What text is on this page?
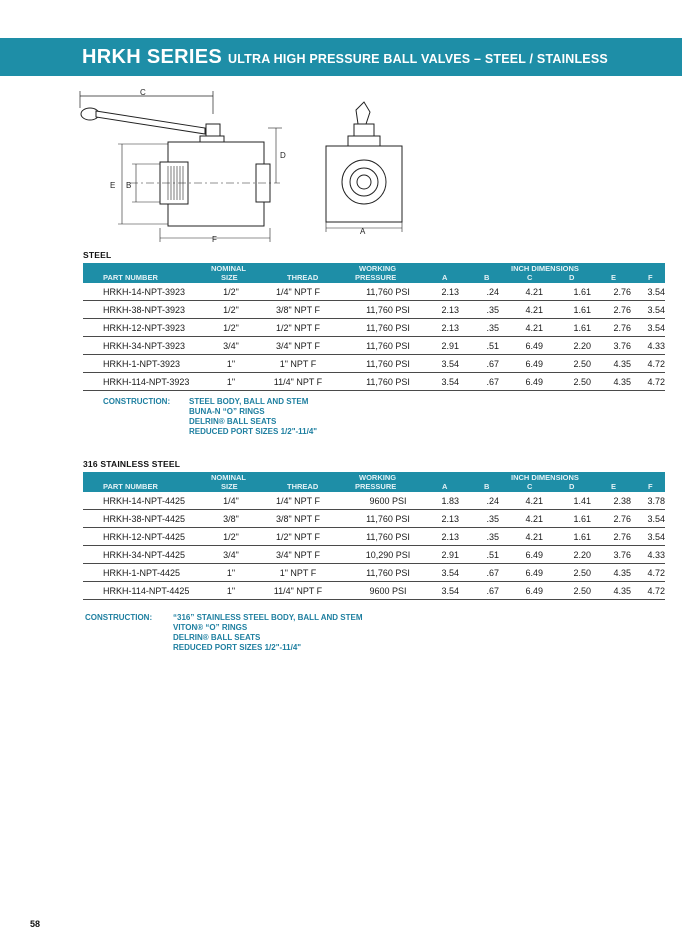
HRKH SERIES ULTRA HIGH PRESSURE BALL VALVES – STEEL / STAINLESS
C
D
E B
F
A
STEEL
PART NUMBER
NOMINAL
SIZE	THREAD
WORKING
PRESSURE
INCH DIMENSIONS
A	B	C	D	E	F
HRKH-14-NPT-3923	1/2"	1/4" NPT F	11,760 PSI	2.13	.24	4.21	1.61	2.76	3.54
HRKH-38-NPT-3923	1/2"	3/8" NPT F	11,760 PSI	2.13	.35	4.21	1.61	2.76	3.54
HRKH-12-NPT-3923	1/2"	1/2" NPT F	11,760 PSI	2.13	.35	4.21	1.61	2.76	3.54
HRKH-34-NPT-3923	3/4"	3/4" NPT F	11,760 PSI	2.91	.51	6.49	2.20	3.76	4.33
HRKH-1-NPT-3923	1"	1" NPT F	11,760 PSI	3.54	.67	6.49	2.50	4.35	4.72
HRKH-114-NPT-3923	1"	11/4" NPT F	11,760 PSI	3.54	.67	6.49	2.50	4.35	4.72
CONSTRUCTION: STEEL BODY, BALL AND STEM
BUNA-N “O” RINGS
DELRIN® BALL SEATS
REDUCED PORT SIZES 1/2"-11/4"
316 STAINLESS STEEL
PART NUMBER
NOMINAL
SIZE	THREAD
WORKING
PRESSURE
INCH DIMENSIONS
A	B	C	D	E	F
HRKH-14-NPT-4425	1/4"	1/4" NPT F	9600 PSI	1.83	.24	4.21	1.41	2.38	3.78
HRKH-38-NPT-4425	3/8"	3/8" NPT F	11,760 PSI	2.13	.35	4.21	1.61	2.76	3.54
HRKH-12-NPT-4425	1/2"	1/2" NPT F	11,760 PSI	2.13	.35	4.21	1.61	2.76	3.54
HRKH-34-NPT-4425	3/4"	3/4" NPT F	10,290 PSI	2.91	.51	6.49	2.20	3.76	4.33
HRKH-1-NPT-4425	1"	1" NPT F	11,760 PSI	3.54	.67	6.49	2.50	4.35	4.72
HRKH-114-NPT-4425	1"	11/4" NPT F	9600 PSI	3.54	.67	6.49	2.50	4.35	4.72
CONSTRUCTION:	“316” STAINLESS STEEL BODY, BALL AND STEM
VITON® “O” RINGS
DELRIN® BALL SEATS
REDUCED PORT SIZES 1/2"-11/4"
58
